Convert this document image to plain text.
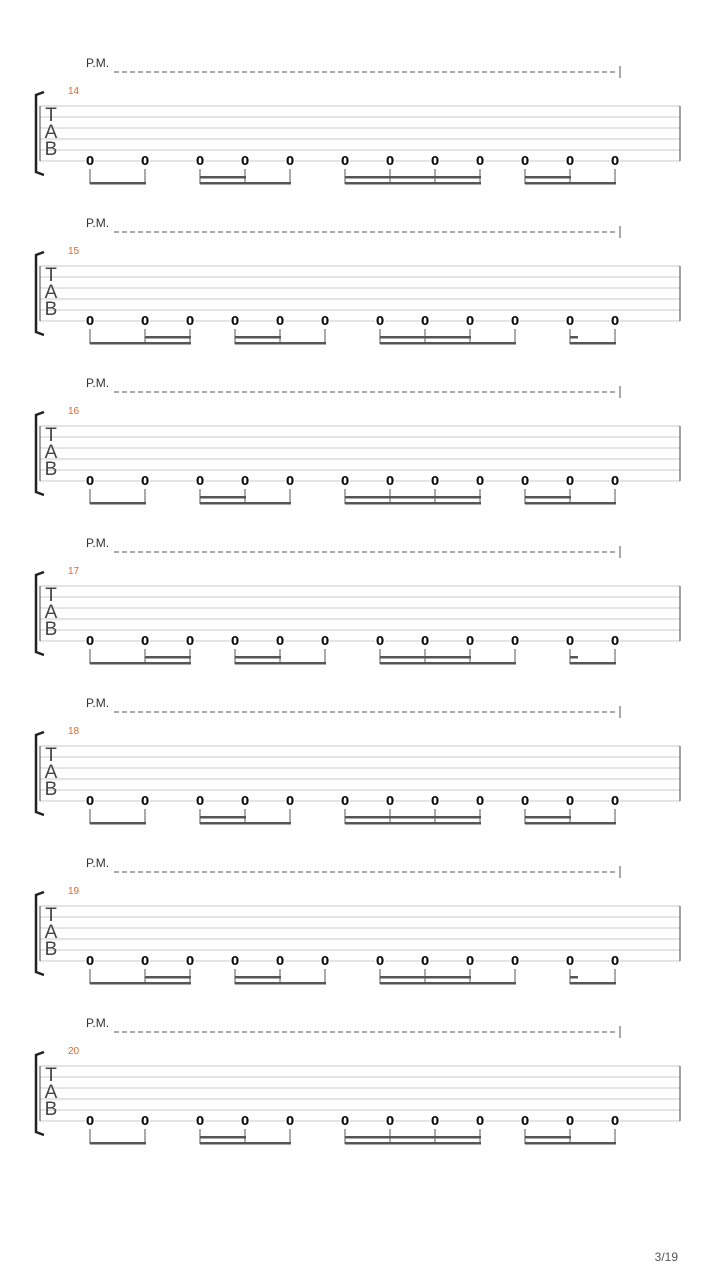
P.M.
14
T
A
B
0	0	0	0	0	0	0	0	0	0	0	0
P.M.
15
T
A
B
0	0	0	0	0	0	0	0	0	0	0	0
P.M.
16
T
A
B
0	0	0	0	0	0	0	0	0	0	0	0
P.M.
17
T
A
B
0	0	0	0	0	0	0	0	0	0	0	0
P.M.
18
T
A
B
0	0	0	0	0	0	0	0	0	0	0	0
P.M.
19
T
A
B
0	0	0	0	0	0	0	0	0	0	0	0
P.M.
20
T
A
B
0	0	0	0	0	0	0	0	0	0	0	0
3/19
